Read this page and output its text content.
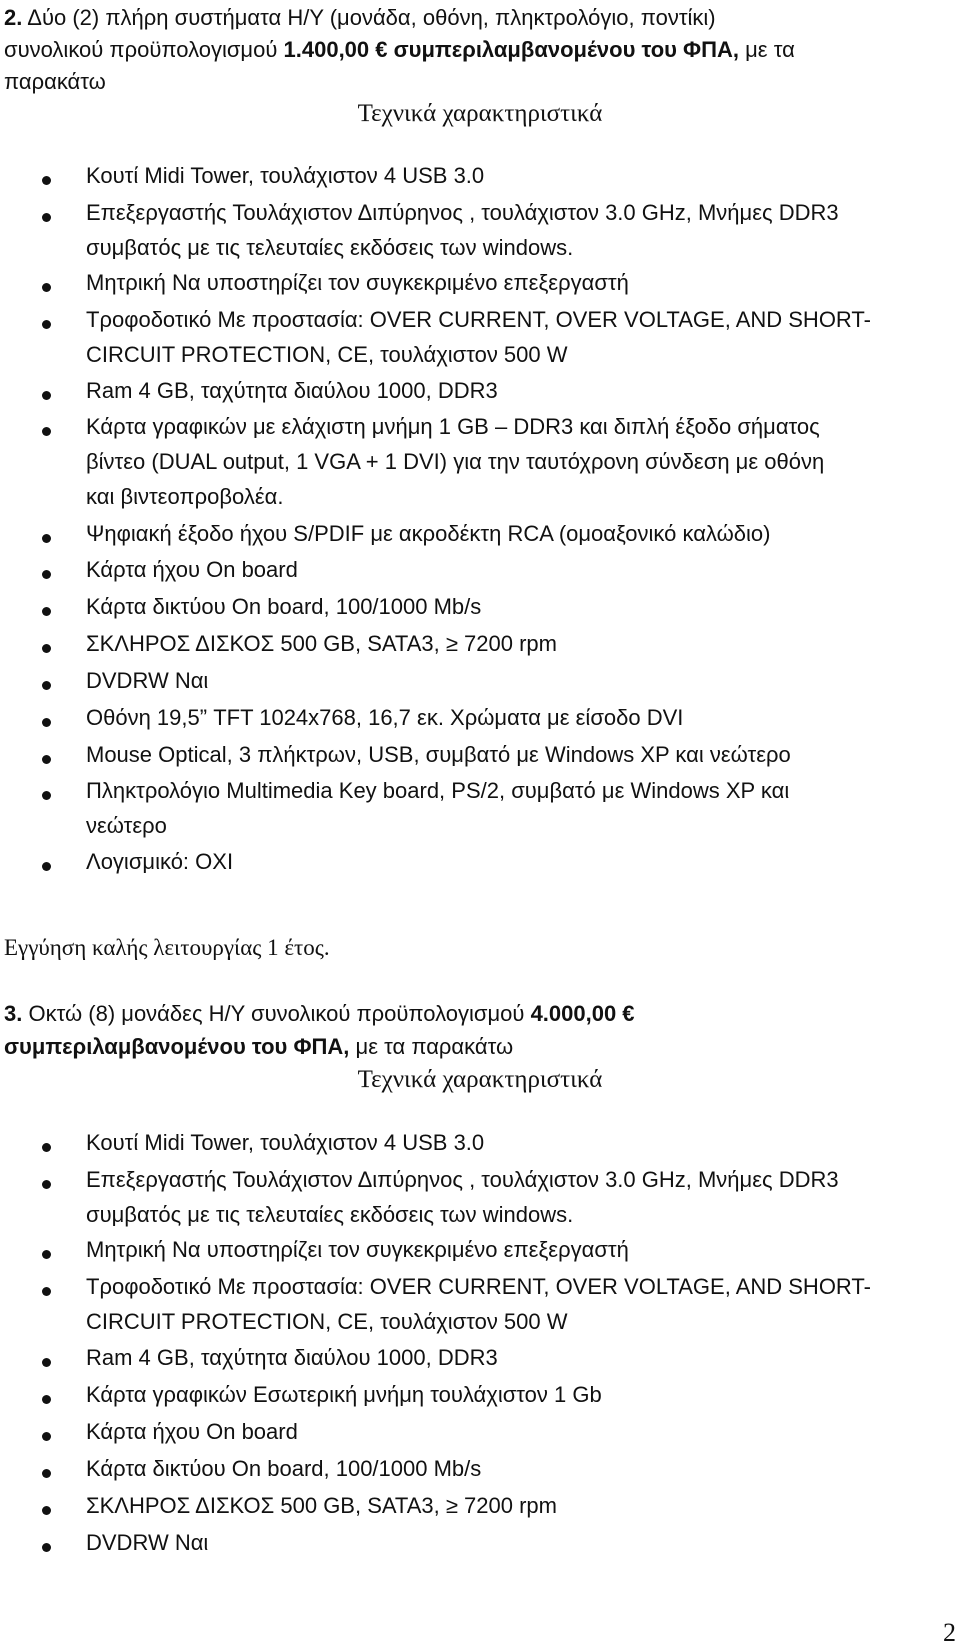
2. Δύο (2) πλήρη συστήματα Η/Υ (μονάδα, οθόνη, πληκτρολόγιο, ποντίκι)
συνολικού προϋπολογισμού 1.400,00 € συμπεριλαμβανομένου του ΦΠΑ, με τα
παρακάτω
Τεχνικά χαρακτηριστικά
Κουτί Midi Tower, τουλάχιστον 4 USB 3.0
Επεξεργαστής Τουλάχιστον Διπύρηνος , τουλάχιστον 3.0 GHz, Μνήμες DDR3
συμβατός με τις τελευταίες εκδόσεις των windows.
Μητρική Να υποστηρίζει τον συγκεκριμένο επεξεργαστή
Τροφοδοτικό Με προστασία: OVER CURRENT, OVER VOLTAGE, AND SHORT-
CIRCUIT PROTECTION, CE, τουλάχιστον 500 W
Ram 4 GB, ταχύτητα διαύλου 1000, DDR3
Κάρτα γραφικών με ελάχιστη μνήμη 1 GB – DDR3 και διπλή έξοδο σήματος
βίντεο (DUAL output, 1 VGA + 1 DVI) για την ταυτόχρονη σύνδεση με οθόνη
και βιντεοπροβολέα.
Ψηφιακή έξοδο ήχου S/PDIF με ακροδέκτη RCA (ομοαξονικό καλώδιο)
Κάρτα ήχου On board
Κάρτα δικτύου On board, 100/1000 Mb/s
ΣΚΛΗΡΟΣ ΔΙΣΚΟΣ 500 GB, SATA3, ≥ 7200 rpm
DVDRW Ναι
Οθόνη 19,5” TFT 1024x768, 16,7 εκ. Χρώματα με είσοδο DVI
Mouse Optical, 3 πλήκτρων, USB, συμβατό με Windows XP και νεώτερο
Πληκτρολόγιο Multimedia Key board, PS/2, συμβατό με Windows XP και
νεώτερο
Λογισμικό: ΟΧΙ
Εγγύηση καλής λειτουργίας 1 έτος.
3. Οκτώ (8) μονάδες Η/Υ συνολικού προϋπολογισμού 4.000,00 €
συμπεριλαμβανομένου του ΦΠΑ, με τα παρακάτω
Τεχνικά χαρακτηριστικά
Κουτί Midi Tower, τουλάχιστον 4 USB 3.0
Επεξεργαστής Τουλάχιστον Διπύρηνος , τουλάχιστον 3.0 GHz, Μνήμες DDR3
συμβατός με τις τελευταίες εκδόσεις των windows.
Μητρική Να υποστηρίζει τον συγκεκριμένο επεξεργαστή
Τροφοδοτικό Με προστασία: OVER CURRENT, OVER VOLTAGE, AND SHORT-
CIRCUIT PROTECTION, CE, τουλάχιστον 500 W
Ram 4 GB, ταχύτητα διαύλου 1000, DDR3
Κάρτα γραφικών Εσωτερική μνήμη τουλάχιστον 1 Gb
Κάρτα ήχου On board
Κάρτα δικτύου On board, 100/1000 Mb/s
ΣΚΛΗΡΟΣ ΔΙΣΚΟΣ 500 GB, SATA3, ≥ 7200 rpm
DVDRW Ναι
2
